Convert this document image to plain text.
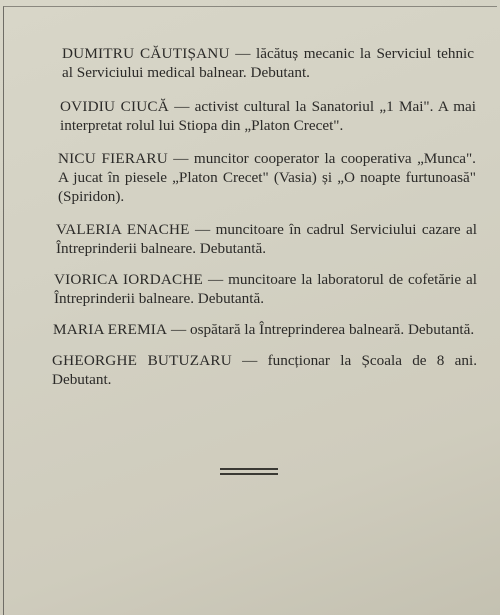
DUMITRU CĂUTIȘANU — lăcătuș mecanic la Serviciul tehnic al Serviciului medical balnear. Debutant.

OVIDIU CIUCĂ — activist cultural la Sanatoriul „1 Mai". A mai interpretat rolul lui Stiopa din „Platon Crecet".

NICU FIERARU — muncitor cooperator la cooperativa „Munca". A jucat în piesele „Platon Crecet" (Vasia) și „O noapte furtunoasă" (Spiridon).

VALERIA ENACHE — muncitoare în cadrul Serviciului cazare al Întreprinderii balneare. Debutantă.

VIORICA IORDACHE — muncitoare la laboratorul de cofetărie al Întreprinderii balneare. Debutantă.

MARIA EREMIA — ospătară la Întreprinderea balneară. Debutantă.

GHEORGHE BUTUZARU — funcționar la Școala de 8 ani. Debutant.
